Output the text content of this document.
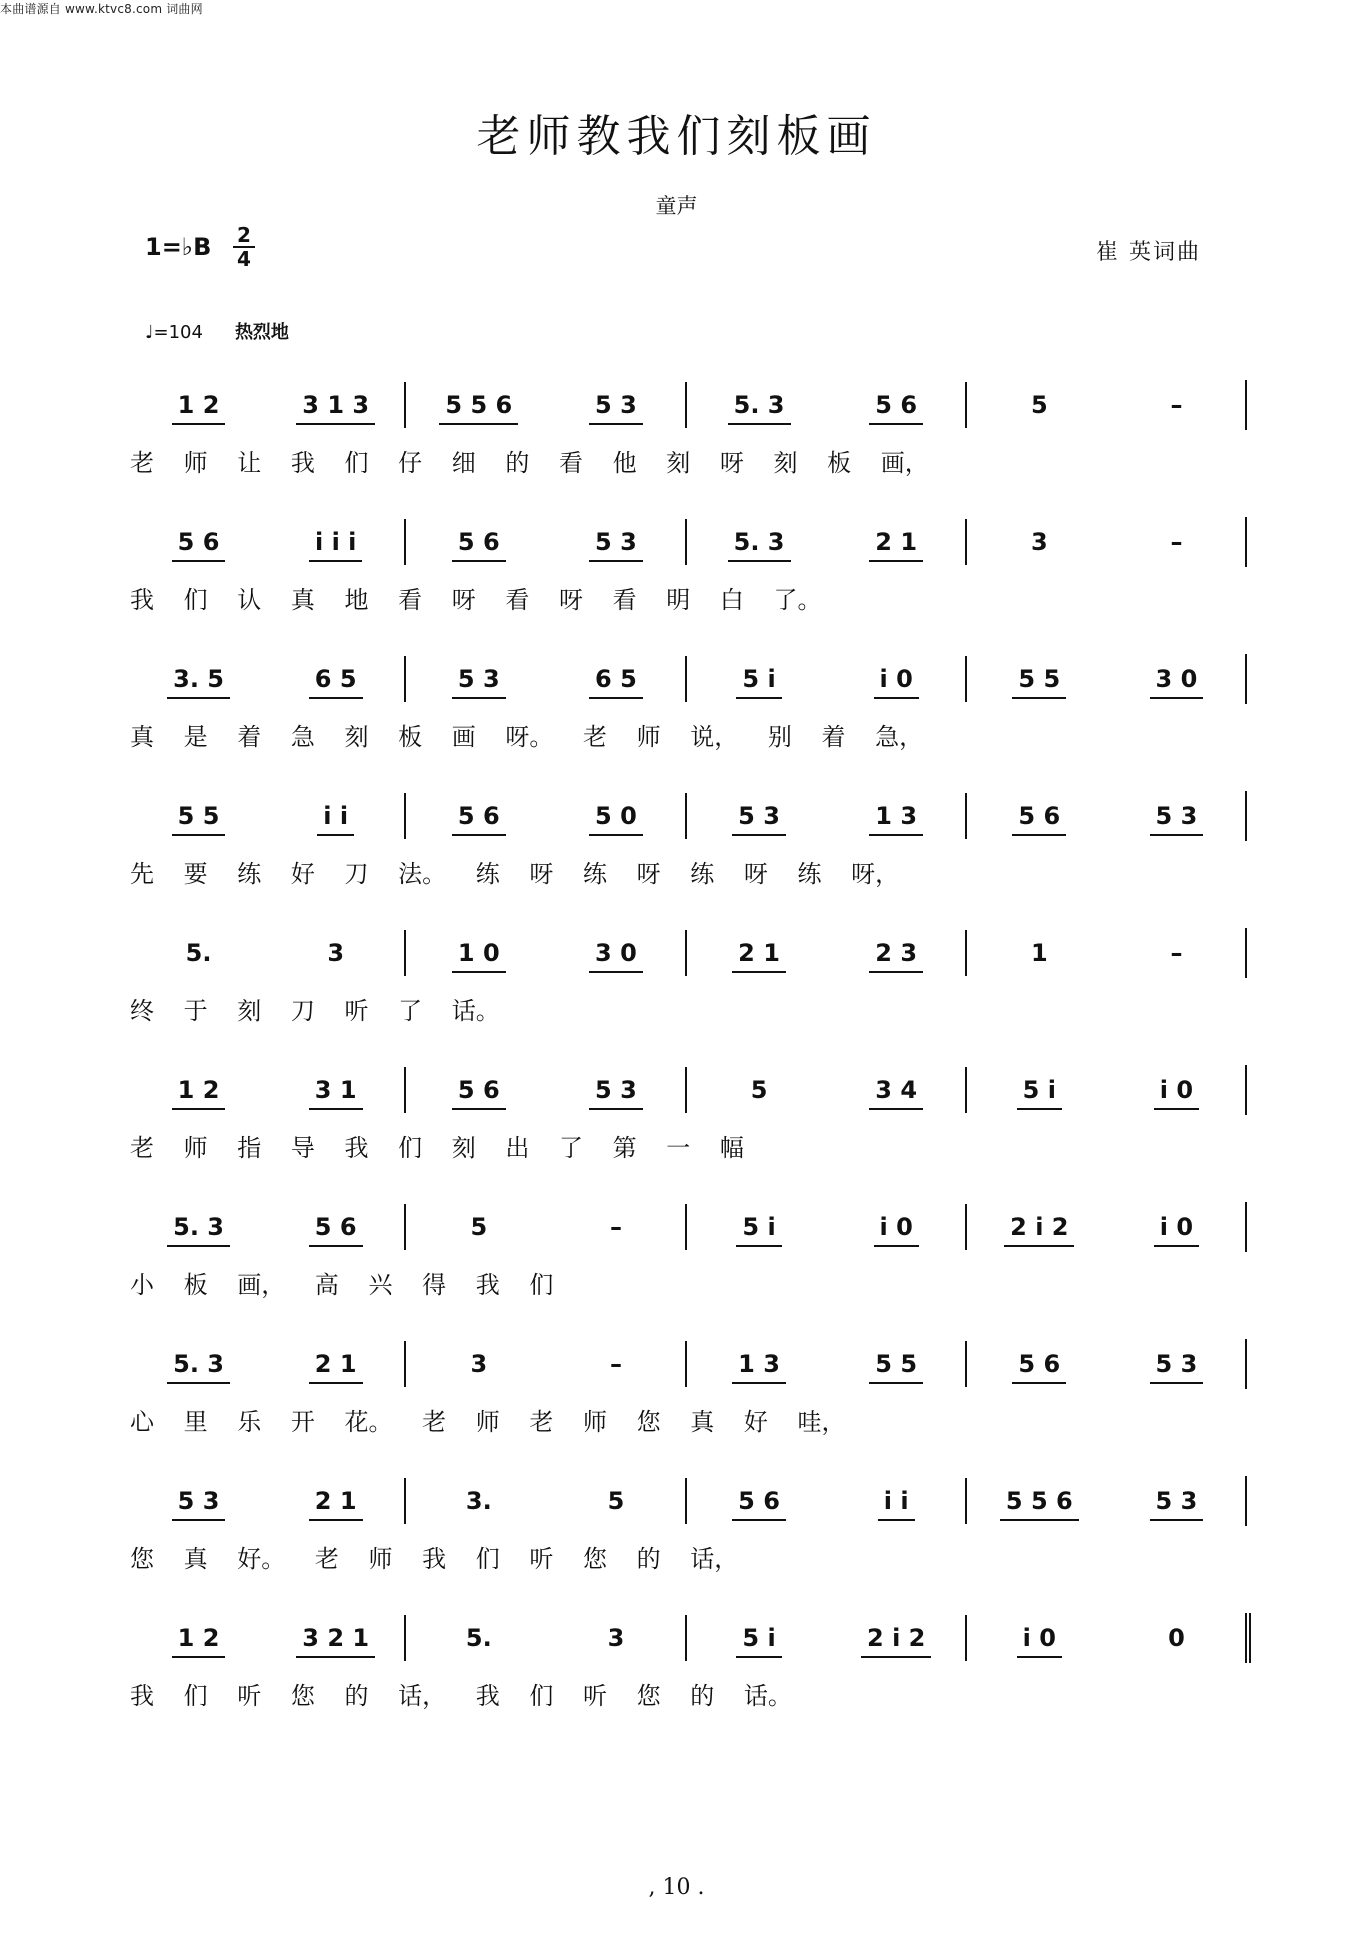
本曲谱源自 www.ktvc8.com 词曲网
老师教我们刻板画
童声
1=♭B 2
4	崔 英词曲
♩=104 热烈地
1 2	3 1 3	5 5 6	5 3	5. 3	5 6	5	–
老 师 让 我 们 仔 细 的 看 他 刻 呀 刻 板 画，
5 6	i i i	5 6	5 3	5. 3	2 1	3	–
我 们 认 真 地 看 呀 看 呀 看 明 白 了。
3. 5	6 5	5 3	6 5	5 i	i 0	5 5	3 0
真 是 着 急 刻 板 画 呀。 老 师 说， 别 着 急，
5 5	i i	5 6	5 0	5 3	1 3	5 6	5 3
先 要 练 好 刀 法。 练 呀 练 呀 练 呀 练 呀，
5.	3	1 0	3 0	2 1	2 3	1	–
终 于 刻 刀 听 了 话。
1 2	3 1	5 6	5 3	5	3 4	5 i	i 0
老 师 指 导 我 们 刻 出 了 第 一 幅
5. 3	5 6	5	–	5 i	i 0	2 i 2	i 0
小 板 画， 高 兴 得 我 们
5. 3	2 1	3	–	1 3	5 5	5 6	5 3
心 里 乐 开 花。 老 师 老 师 您 真 好 哇，
5 3	2 1	3.	5	5 6	i i	5 5 6	5 3
您 真 好。 老 师 我 们 听 您 的 话，
1 2	3 2 1	5.	3	5 i	2 i 2	i 0	0
我 们 听 您 的 话， 我 们 听 您 的 话。
, 10 .
